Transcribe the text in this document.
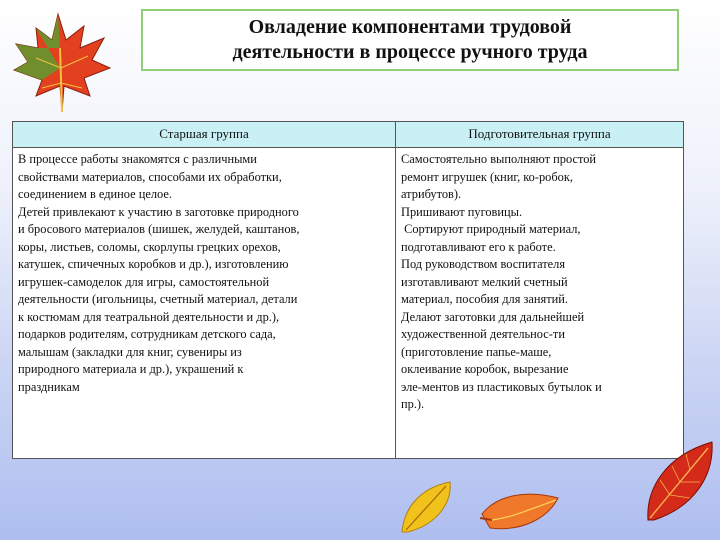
Овладение компонентами трудовой
деятельности в процессе ручного труда
Старшая группа	Подготовительная группа

В процессе работы знакомятся с различными

свойствами материалов, способами их обработки,

соединением в единое целое.

Детей привлекают к участию в заготовке природного

и бросового материалов (шишек, желудей, каштанов,

коры, листьев, соломы, скорлупы грецких орехов,

катушек, спичечных коробков и др.), изготовлению

игрушек-самоделок для игры, самостоятельной

деятельности (игольницы, счетный материал, детали

к костюмам для театральной деятельности и др.),

подарков родителям, сотрудникам детского сада,

малышам (закладки для книг, сувениры из

природного материала и др.), украшений к

праздникам

Самостоятельно выполняют простой

ремонт игрушек (книг, ко-робок,

атрибутов).

Пришивают пуговицы.

Сортируют природный материал,

подготавливают его к работе.

Под руководством воспитателя

изготавливают мелкий счетный

материал, пособия для занятий.

Делают заготовки для дальнейшей

художественной деятельнос-ти

(приготовление папье-маше,

оклеивание коробок, вырезание

эле-ментов из пластиковых бутылок и

пр.).
